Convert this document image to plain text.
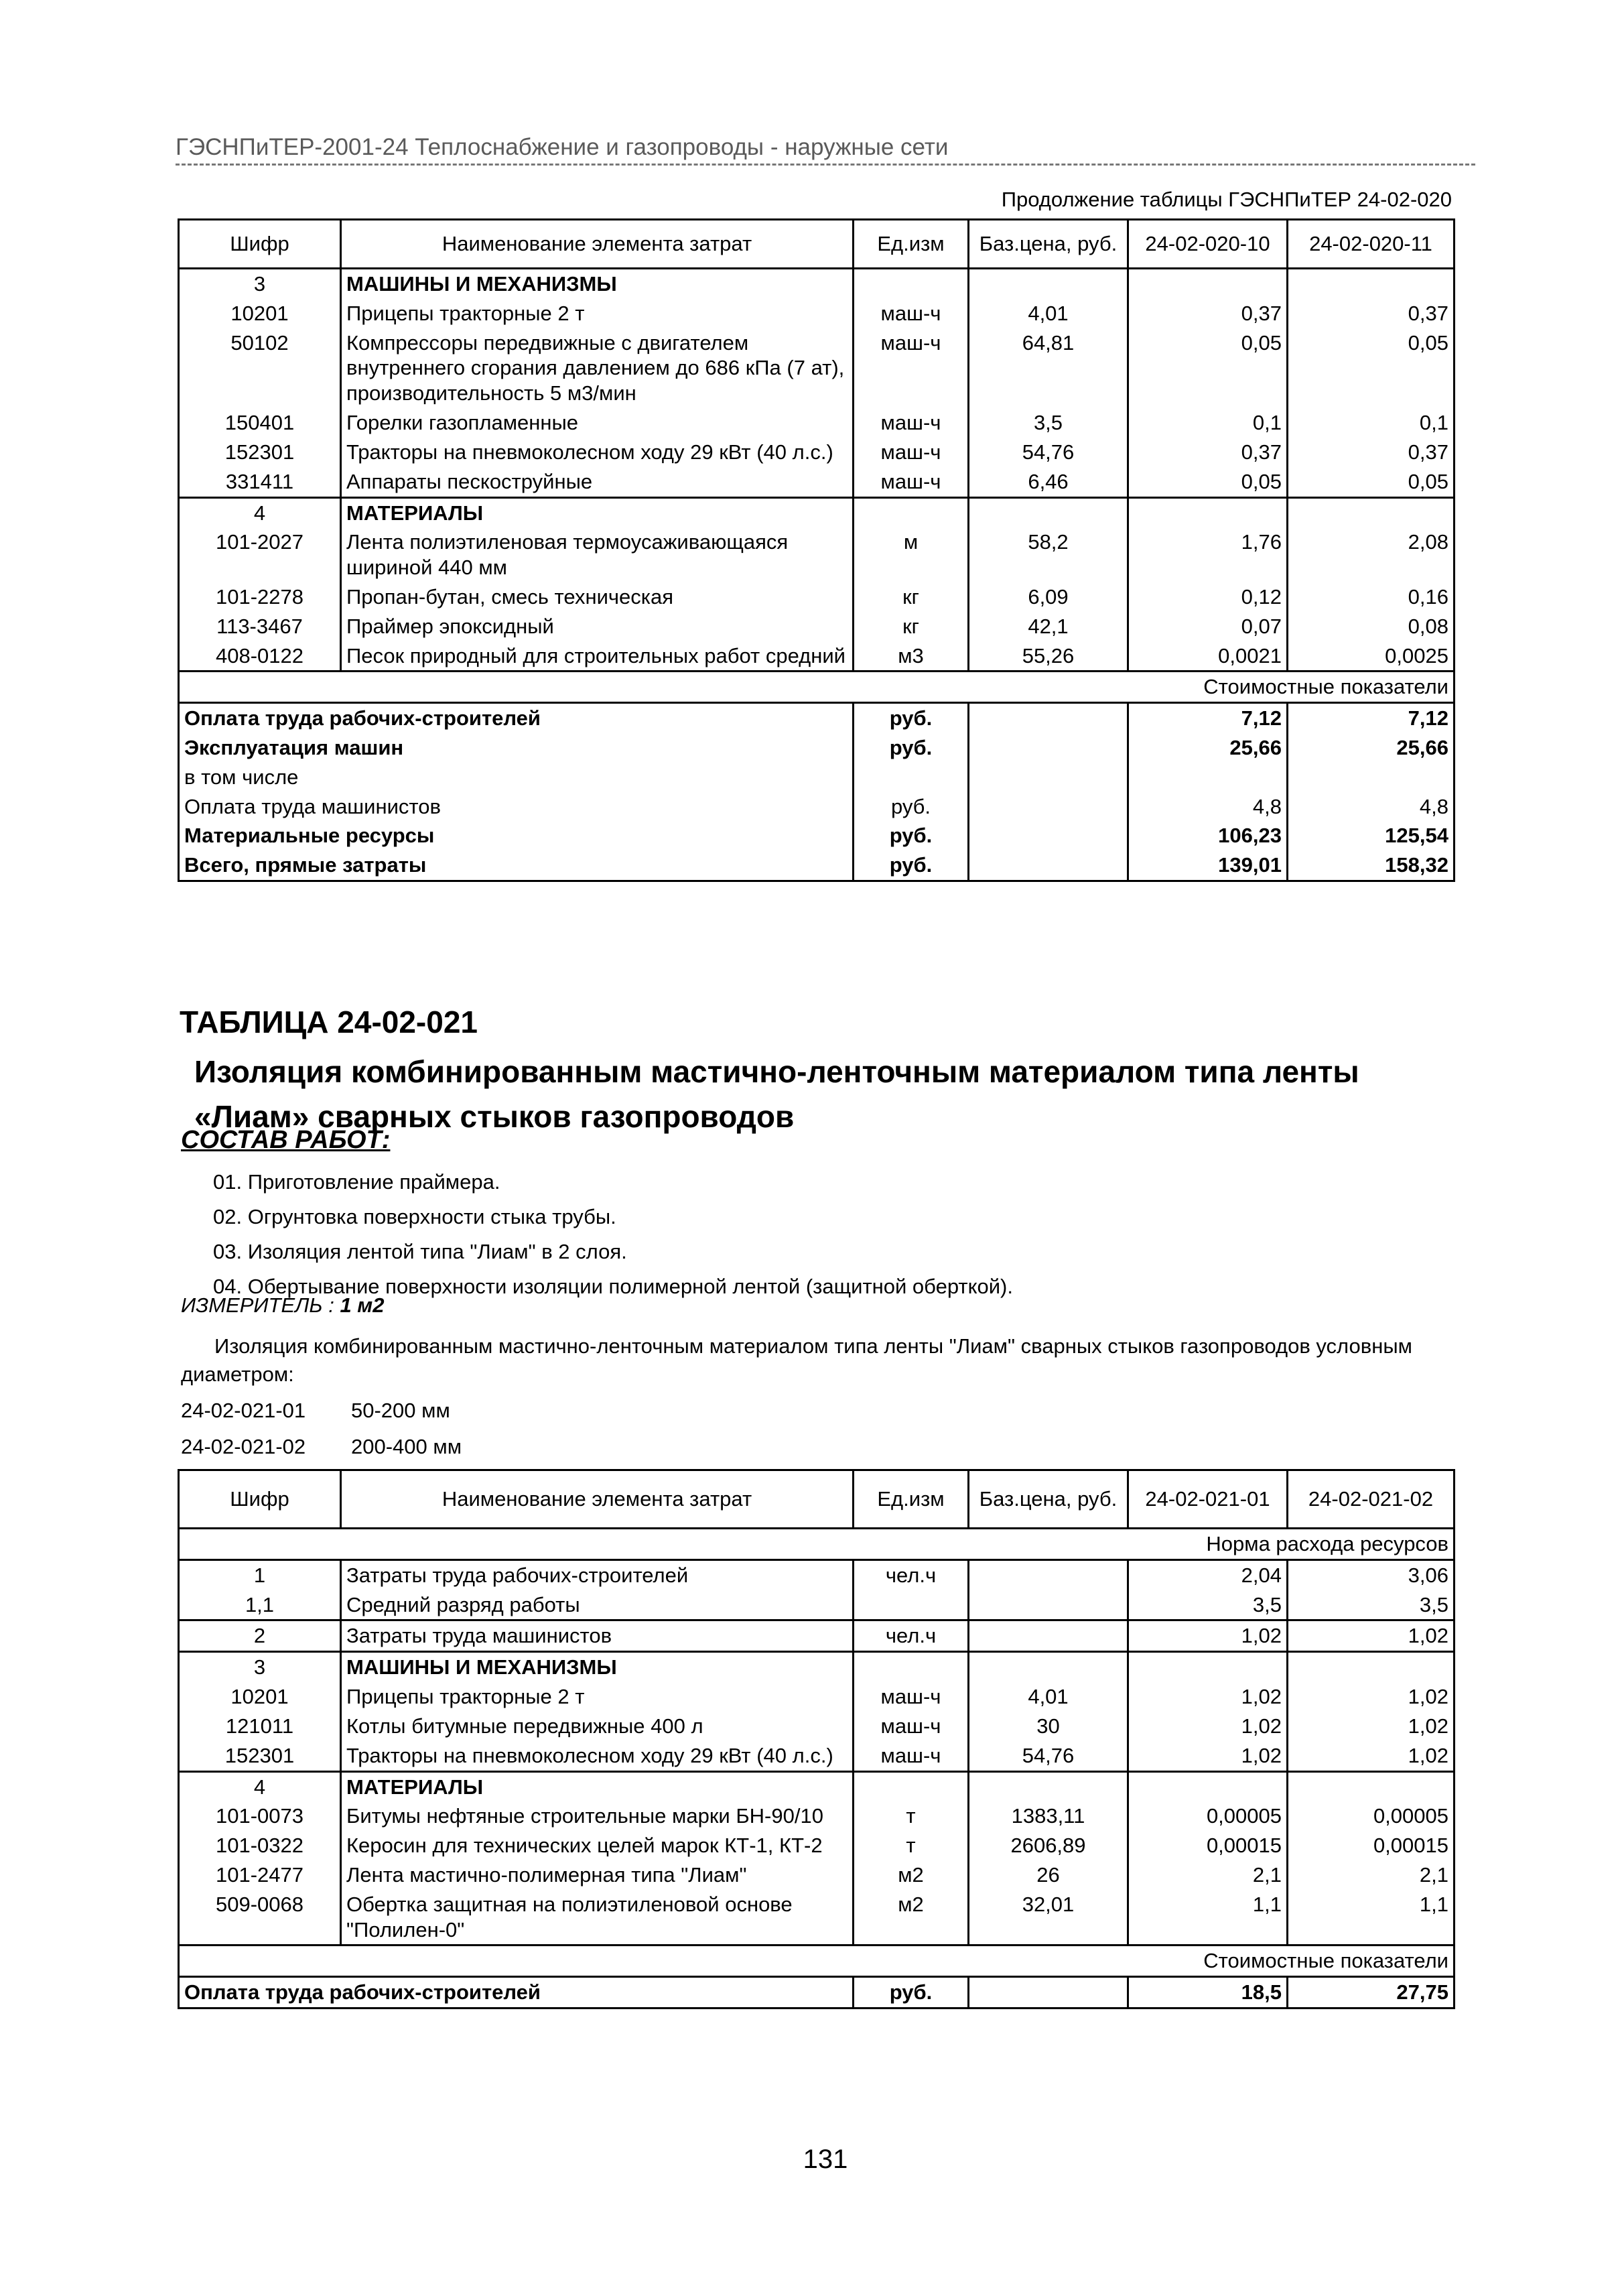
ГЭСНПиТЕР-2001-24 Теплоснабжение и газопроводы - наружные сети
Продолжение таблицы ГЭСНПиТЕР 24-02-020
Шифр	Наименование элемента затрат	Ед.изм	Баз.цена, руб.	24-02-020-10	24-02-020-11
3	МАШИНЫ И МЕХАНИЗМЫ				
10201	Прицепы тракторные 2 т	маш-ч	4,01	0,37	0,37
50102	Компрессоры передвижные с двигателем внутреннего сгорания давлением до 686 кПа (7 ат), производительность 5 м3/мин	маш-ч	64,81	0,05	0,05
150401	Горелки газопламенные	маш-ч	3,5	0,1	0,1
152301	Тракторы на пневмоколесном ходу 29 кВт (40 л.с.)	маш-ч	54,76	0,37	0,37
331411	Аппараты пескоструйные	маш-ч	6,46	0,05	0,05
4	МАТЕРИАЛЫ				
101-2027	Лента полиэтиленовая термоусаживающаяся шириной 440 мм	м	58,2	1,76	2,08
101-2278	Пропан-бутан, смесь техническая	кг	6,09	0,12	0,16
113-3467	Праймер эпоксидный	кг	42,1	0,07	0,08
408-0122	Песок природный для строительных работ средний	м3	55,26	0,0021	0,0025
Стоимостные показатели					
Оплата труда рабочих-строителей		руб.		7,12	7,12
Эксплуатация машин		руб.		25,66	25,66
в том числе					
Оплата труда машинистов		руб.		4,8	4,8
Материальные ресурсы		руб.		106,23	125,54
Всего, прямые затраты		руб.		139,01	158,32
ТАБЛИЦА 24-02-021
Изоляция комбинированным мастично-ленточным материалом типа ленты «Лиам» сварных стыков газопроводов
СОСТАВ РАБОТ:
01. Приготовление праймера.
02. Огрунтовка поверхности стыка трубы.
03. Изоляция лентой типа "Лиам" в 2 слоя.
04. Обертывание поверхности изоляции полимерной лентой (защитной оберткой).
ИЗМЕРИТЕЛЬ : 1 м2
Изоляция комбинированным мастично-ленточным материалом типа ленты "Лиам" сварных стыков газопроводов условным диаметром:
24-02-021-01 50-200 мм
24-02-021-02 200-400 мм
Шифр	Наименование элемента затрат	Ед.изм	Баз.цена, руб.	24-02-021-01	24-02-021-02
Норма расхода ресурсов					
1	Затраты труда рабочих-строителей	чел.ч		2,04	3,06
1,1	Средний разряд работы			3,5	3,5
2	Затраты труда машинистов	чел.ч		1,02	1,02
3	МАШИНЫ И МЕХАНИЗМЫ				
10201	Прицепы тракторные 2 т	маш-ч	4,01	1,02	1,02
121011	Котлы битумные передвижные 400 л	маш-ч	30	1,02	1,02
152301	Тракторы на пневмоколесном ходу 29 кВт (40 л.с.)	маш-ч	54,76	1,02	1,02
4	МАТЕРИАЛЫ				
101-0073	Битумы нефтяные строительные марки БН-90/10	т	1383,11	0,00005	0,00005
101-0322	Керосин для технических целей марок КТ-1, КТ-2	т	2606,89	0,00015	0,00015
101-2477	Лента мастично-полимерная типа "Лиам"	м2	26	2,1	2,1
509-0068	Обертка защитная на полиэтиленовой основе "Полилен-0"	м2	32,01	1,1	1,1
Стоимостные показатели					
Оплата труда рабочих-строителей		руб.		18,5	27,75
131
